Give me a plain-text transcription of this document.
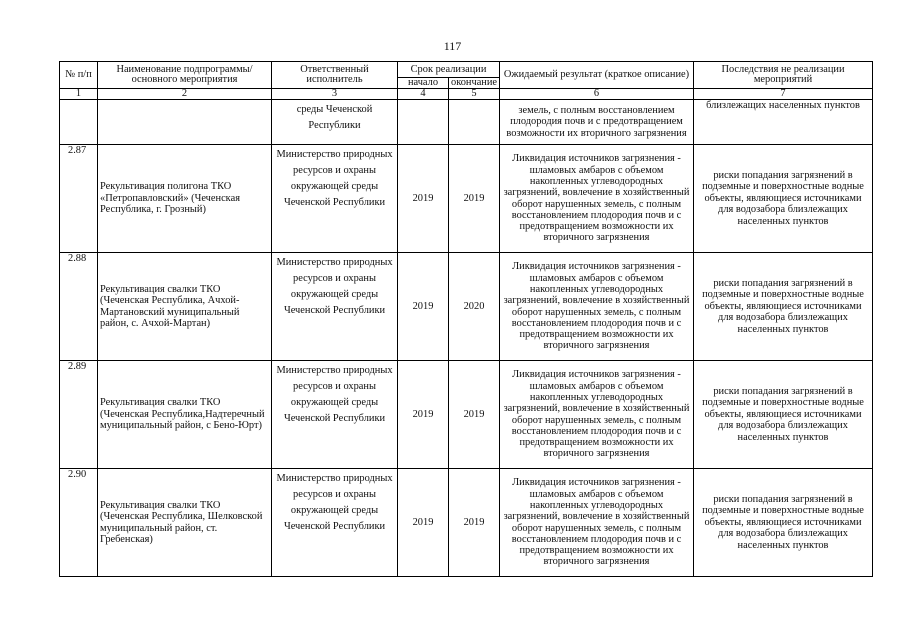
117
№ п/п	Наименование подпрограммы/ основного мероприятия	Ответственный исполнитель	Срок реализации		Ожидаемый результат (краткое описание)	Последствия не реализации мероприятий
			начало	окончание		
1	2	3	4	5	6	7
		среды Чеченской Республики			земель, с полным восстановлением плодородия почв и с предотвращением возможности их вторичного загрязнения	близлежащих населенных пунктов
2.87	Рекультивация полигона ТКО «Петропавловский» (Чеченская Республика, г. Грозный)	Министерство природных ресурсов и охраны окружающей среды Чеченской Республики	2019	2019	Ликвидация источников загрязнения - шламовых амбаров с объемом накопленных углеводородных загрязнений, вовлечение в хозяйственный оборот нарушенных земель, с полным восстановлением плодородия почв и с предотвращением возможности их вторичного загрязнения	риски попадания загрязнений в подземные и поверхностные водные объекты, являющиеся источниками для водозабора близлежащих населенных пунктов
2.88	Рекультивация свалки ТКО (Чеченская Республика, Ачхой-Мартановский муниципальный район, с. Ачхой-Мартан)	Министерство природных ресурсов и охраны окружающей среды Чеченской Республики	2019	2020	Ликвидация источников загрязнения - шламовых амбаров с объемом накопленных углеводородных загрязнений, вовлечение в хозяйственный оборот нарушенных земель, с полным восстановлением плодородия почв и с предотвращением возможности их вторичного загрязнения	риски попадания загрязнений в подземные и поверхностные водные объекты, являющиеся источниками для водозабора близлежащих населенных пунктов
2.89	Рекультивация свалки ТКО (Чеченская Республика,Надтеречный муниципальный район, с Бено-Юрт)	Министерство природных ресурсов и охраны окружающей среды Чеченской Республики	2019	2019	Ликвидация источников загрязнения - шламовых амбаров с объемом накопленных углеводородных загрязнений, вовлечение в хозяйственный оборот нарушенных земель, с полным восстановлением плодородия почв и с предотвращением возможности их вторичного загрязнения	риски попадания загрязнений в подземные и поверхностные водные объекты, являющиеся источниками для водозабора близлежащих населенных пунктов
2.90	Рекультивация свалки ТКО (Чеченская Республика, Шелковской муниципальный район, ст. Гребенская)	Министерство природных ресурсов и охраны окружающей среды Чеченской Республики	2019	2019	Ликвидация источников загрязнения - шламовых амбаров с объемом накопленных углеводородных загрязнений, вовлечение в хозяйственный оборот нарушенных земель, с полным восстановлением плодородия почв и с предотвращением возможности их вторичного загрязнения	риски попадания загрязнений в подземные и поверхностные водные объекты, являющиеся источниками для водозабора близлежащих населенных пунктов
